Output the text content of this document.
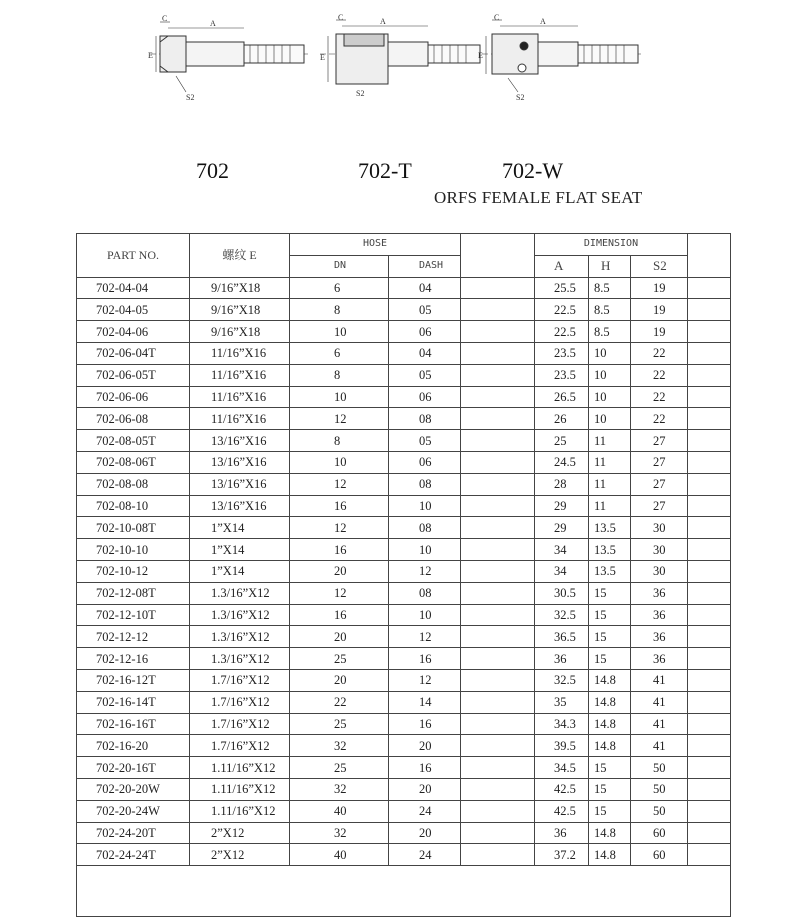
C
A
E
S2
C	A
E
S2
C	A
E
S2
702	702-T	702-W
ORFS FEMALE FLAT SEAT
PART NO.	螺纹 E	HOSE			DIMENSION			
		DN	DASH		A	H	S2	
702-04-04	9/16”X18	6	04		25.5	8.5	19	
702-04-05	9/16”X18	8	05		22.5	8.5	19	
702-04-06	9/16”X18	10	06		22.5	8.5	19	
702-06-04T	11/16”X16	6	04		23.5	10	22	
702-06-05T	11/16”X16	8	05		23.5	10	22	
702-06-06	11/16”X16	10	06		26.5	10	22	
702-06-08	11/16”X16	12	08		26	10	22	
702-08-05T	13/16”X16	8	05		25	11	27	
702-08-06T	13/16”X16	10	06		24.5	11	27	
702-08-08	13/16”X16	12	08		28	11	27	
702-08-10	13/16”X16	16	10		29	11	27	
702-10-08T	1”X14	12	08		29	13.5	30	
702-10-10	1”X14	16	10		34	13.5	30	
702-10-12	1”X14	20	12		34	13.5	30	
702-12-08T	1.3/16”X12	12	08		30.5	15	36	
702-12-10T	1.3/16”X12	16	10		32.5	15	36	
702-12-12	1.3/16”X12	20	12		36.5	15	36	
702-12-16	1.3/16”X12	25	16		36	15	36	
702-16-12T	1.7/16”X12	20	12		32.5	14.8	41	
702-16-14T	1.7/16”X12	22	14		35	14.8	41	
702-16-16T	1.7/16”X12	25	16		34.3	14.8	41	
702-16-20	1.7/16”X12	32	20		39.5	14.8	41	
702-20-16T	1.11/16”X12	25	16		34.5	15	50	
702-20-20W	1.11/16”X12	32	20		42.5	15	50	
702-20-24W	1.11/16”X12	40	24		42.5	15	50	
702-24-20T	2”X12	32	20		36	14.8	60	
702-24-24T	2”X12	40	24		37.2	14.8	60	
